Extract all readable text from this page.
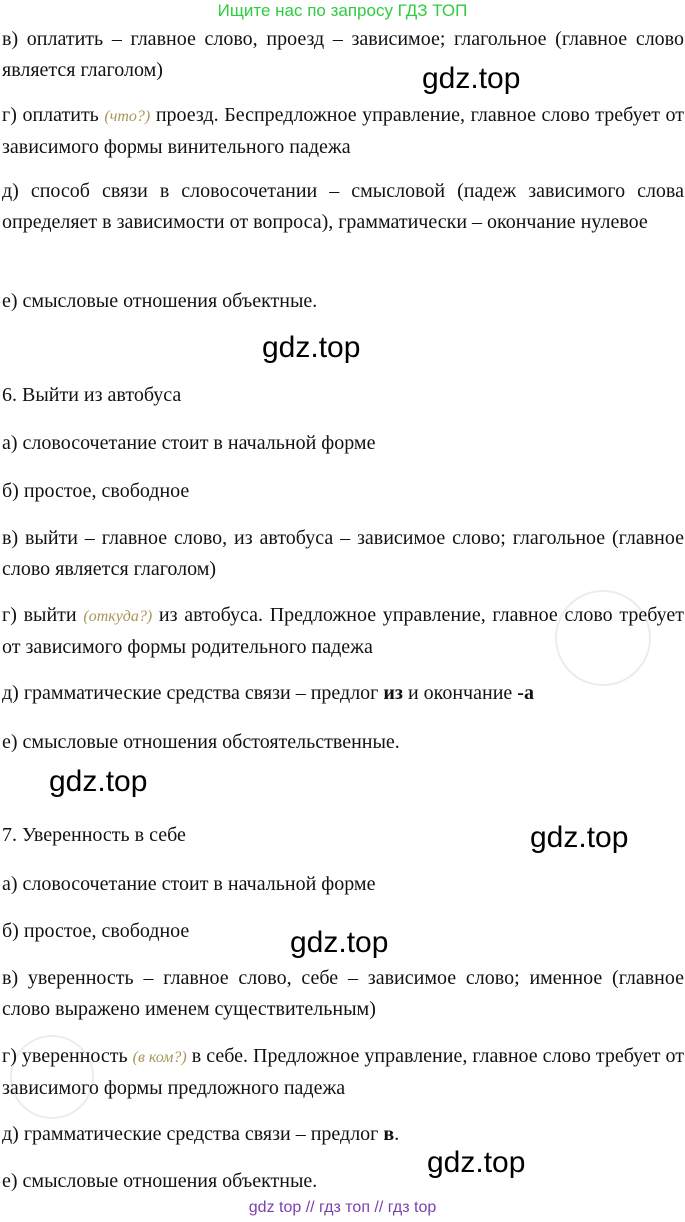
Ищите нас по запросу ГДЗ ТОП

в) оплатить – главное слово, проезд – зависимое; глагольное (главное слово является глаголом)	gdz.top

г) оплатить (что?) проезд. Беспредложное управление, главное слово требует от зависимого формы винительного падежа

д) способ связи в словосочетании – смысловой (падеж зависимого слова определяет в зависимости от вопроса), грамматически – окончание нулевое

е) смысловые отношения объектные.

gdz.top

6. Выйти из автобуса

а) словосочетание стоит в начальной форме

б) простое, свободное

в) выйти – главное слово, из автобуса – зависимое слово; глагольное (главное слово является глаголом)

г) выйти (откуда?) из автобуса. Предложное управление, главное слово требует от зависимого формы родительного падежа

д) грамматические средства связи – предлог из и окончание -а

е) смысловые отношения обстоятельственные.

gdz.top
gdz.top

7. Уверенность в себе

а) словосочетание стоит в начальной форме

б) простое, свободное	gdz.top

в) уверенность – главное слово, себе – зависимое слово; именное (главное слово выражено именем существительным)

г) уверенность (в ком?) в себе. Предложное управление, главное слово требует от зависимого формы предложного падежа

д) грамматические средства связи – предлог в.

gdz.top

е) смысловые отношения объектные.

gdz top // гдз топ // гдз top
